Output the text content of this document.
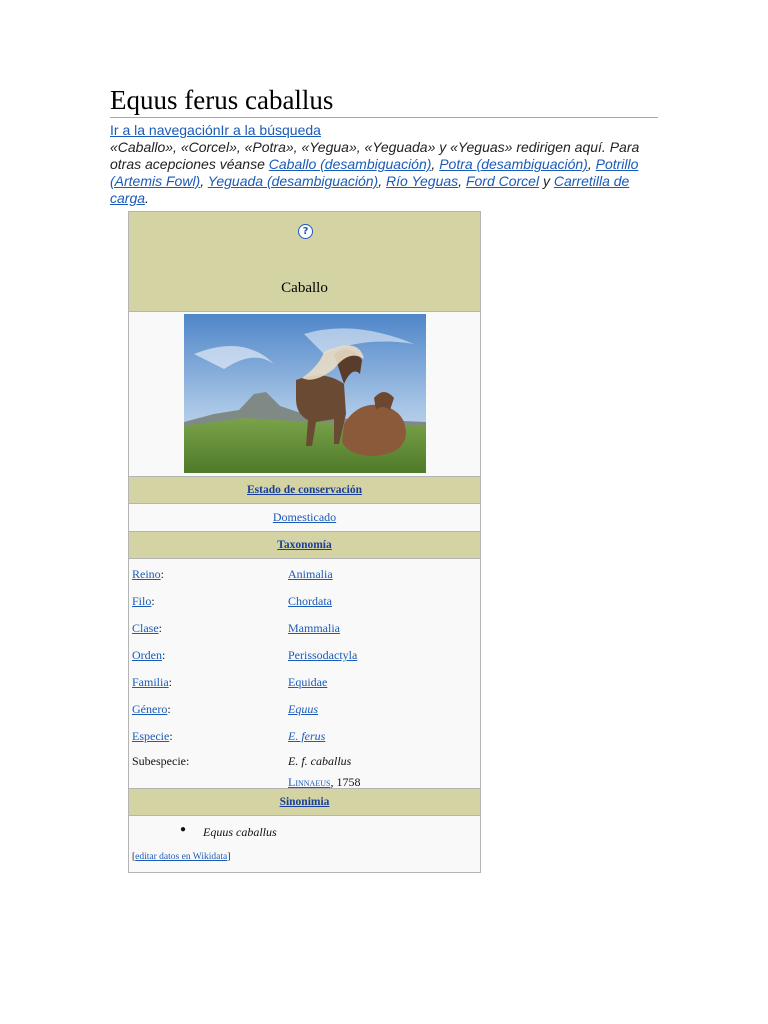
Equus ferus caballus
Ir a la navegaciónIr a la búsqueda
«Caballo», «Corcel», «Potra», «Yegua», «Yeguada» y «Yeguas» redirigen aquí. Para otras acepciones véanse Caballo (desambiguación), Potra (desambiguación), Potrillo (Artemis Fowl), Yeguada (desambiguación), Río Yeguas, Ford Corcel y Carretilla de carga.
?
Caballo
Estado de conservación
Domesticado
Taxonomía
Reino:	Animalia
Filo:	Chordata
Clase:	Mammalia
Orden:	Perissodactyla
Familia:	Equidae
Género:	Equus
Especie:	E. ferus
Subespecie:	E. f. caballus
Linnaeus, 1758
Sinonimia
● Equus caballus
[editar datos en Wikidata]
